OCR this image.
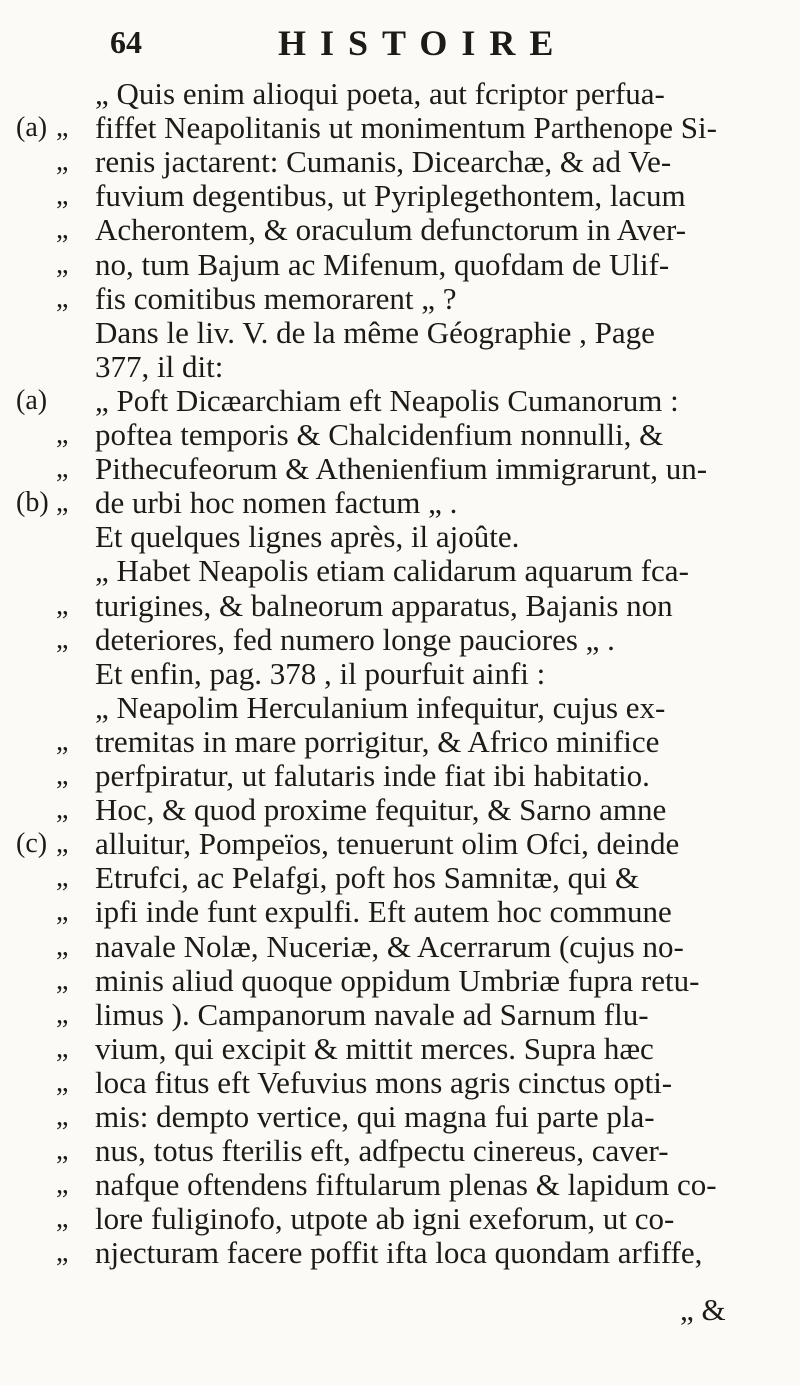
64	HISTOIRE
„ Quis enim alioqui poeta, aut fcriptor perfua-
(a) „ fiffet Neapolitanis ut monimentum Parthenope Si-
„ renis jactarent: Cumanis, Dicearchæ, & ad Ve-
„ fuvium degentibus, ut Pyriplegethontem, lacum
„ Acherontem, & oraculum defunctorum in Aver-
„ no, tum Bajum ac Mifenum, quofdam de Ulif-
„ fis comitibus memorarent „ ?
Dans le liv. V. de la même Géographie , Page
377, il dit:
(a) „ Poft Dicæarchiam eft Neapolis Cumanorum :
„ poftea temporis & Chalcidenfium nonnulli, &
„ Pithecufeorum & Athenienfium immigrarunt, un-
(b) „ de urbi hoc nomen factum „ .
Et quelques lignes après, il ajoûte.
„ Habet Neapolis etiam calidarum aquarum fca-
„ turigines, & balneorum apparatus, Bajanis non
„ deteriores, fed numero longe pauciores „ .
Et enfin, pag. 378 , il pourfuit ainfi :
„ Neapolim Herculanium infequitur, cujus ex-
„ tremitas in mare porrigitur, & Africo minifice
„ perfpiratur, ut falutaris inde fiat ibi habitatio.
„ Hoc, & quod proxime fequitur, & Sarno amne
(c) „ alluitur, Pompeïos, tenuerunt olim Ofci, deinde
„ Etrufci, ac Pelafgi, poft hos Samnitæ, qui &
„ ipfi inde funt expulfi. Eft autem hoc commune
„ navale Nolæ, Nuceriæ, & Acerrarum (cujus no-
„ minis aliud quoque oppidum Umbriæ fupra retu-
„ limus ). Campanorum navale ad Sarnum flu-
„ vium, qui excipit & mittit merces. Supra hæc
„ loca fitus eft Vefuvius mons agris cinctus opti-
„ mis: dempto vertice, qui magna fui parte pla-
„ nus, totus fterilis eft, adfpectu cinereus, caver-
„ nafque oftendens fiftularum plenas & lapidum co-
„ lore fuliginofo, utpote ab igni exeforum, ut co-
„ njecturam facere poffit ifta loca quondam arfiffe,
„ &
